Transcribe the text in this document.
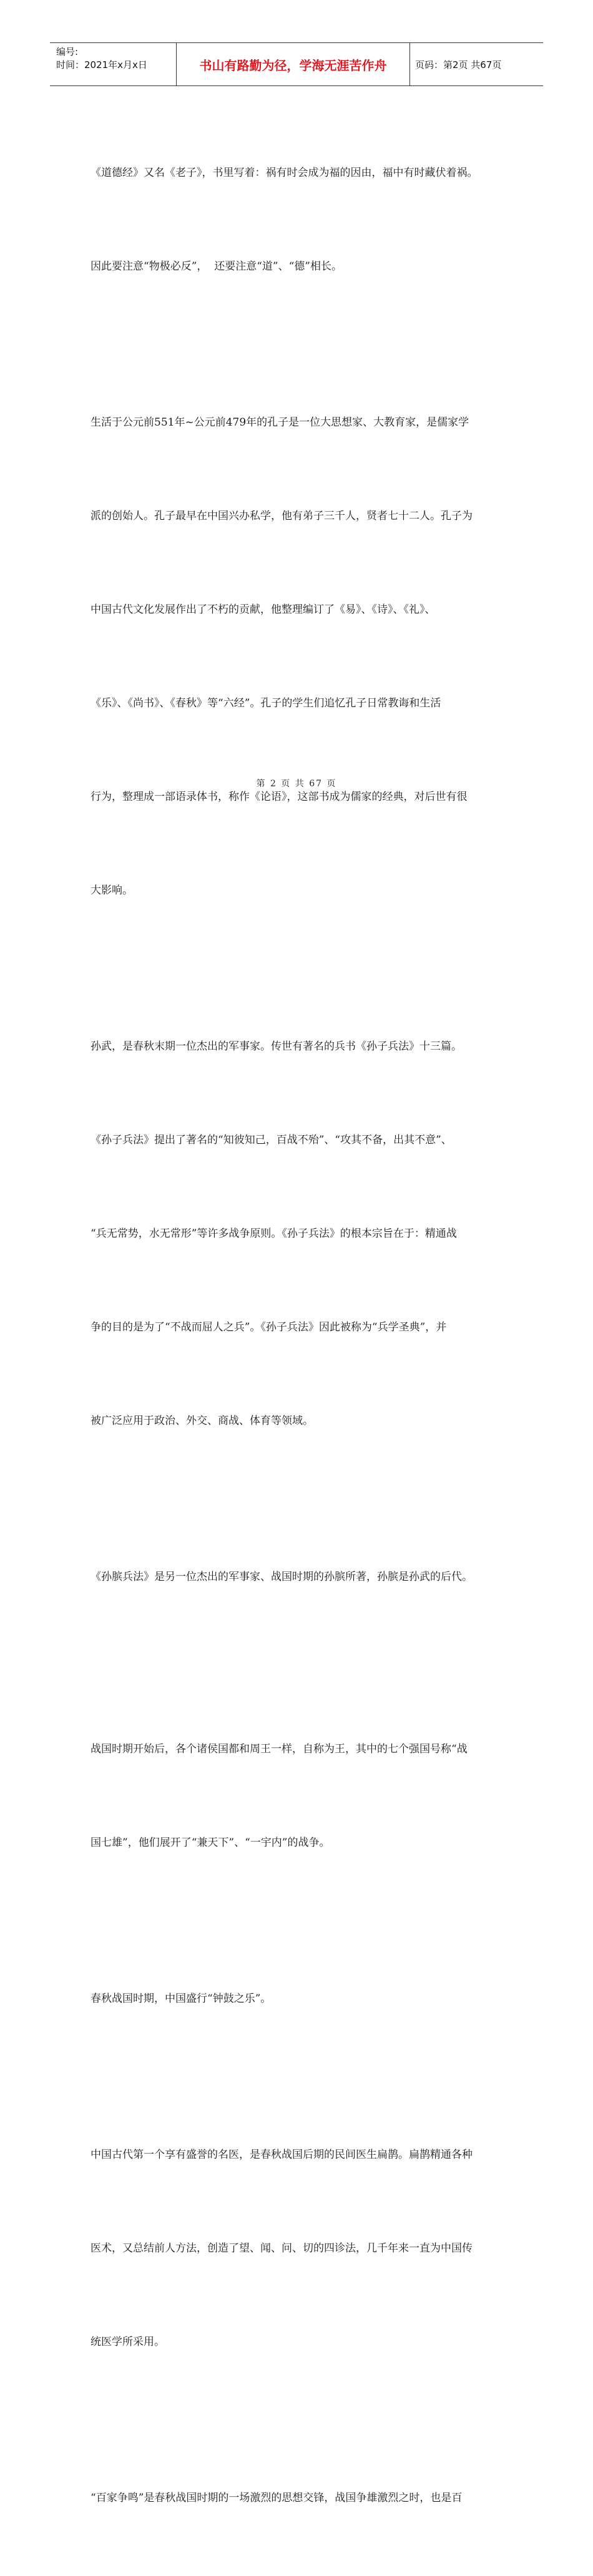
编号:
时间：2021年x月x日	书山有路勤为径，学海无涯苦作舟	页码：第2页 共67页

《道德经》又名《老子》，书里写着：祸有时会成为福的因由，福中有时藏伏着祸。

因此要注意“物极必反”，  还要注意“道”、“德”相长。

生活于公元前551年~公元前479年的孔子是一位大思想家、大教育家，是儒家学

派的创始人。孔子最早在中国兴办私学，他有弟子三千人，贤者七十二人。孔子为

中国古代文化发展作出了不朽的贡献，他整理编订了《易》、《诗》、《礼》、

《乐》、《尚书》、《春秋》等“六经”。孔子的学生们追忆孔子日常教诲和生活

行为，整理成一部语录体书，称作《论语》，这部书成为儒家的经典，对后世有很

大影响。

孙武，是春秋末期一位杰出的军事家。传世有著名的兵书《孙子兵法》十三篇。

《孙子兵法》提出了著名的“知彼知己，百战不殆”、“攻其不备，出其不意”、

“兵无常势，水无常形”等许多战争原则。《孙子兵法》的根本宗旨在于：精通战

争的目的是为了“不战而屈人之兵”。《孙子兵法》因此被称为“兵学圣典”，并

被广泛应用于政治、外交、商战、体育等领域。

《孙膑兵法》是另一位杰出的军事家、战国时期的孙膑所著，孙膑是孙武的后代。

战国时期开始后，各个诸侯国都和周王一样，自称为王，其中的七个强国号称“战

国七雄”，他们展开了“兼天下”、“一宇内”的战争。

春秋战国时期，中国盛行“钟鼓之乐”。

中国古代第一个享有盛誉的名医，是春秋战国后期的民间医生扁鹊。扁鹊精通各种

医术，又总结前人方法，创造了望、闻、问、切的四诊法，几千年来一直为中国传

统医学所采用。

“百家争鸣”是春秋战国时期的一场激烈的思想交锋，战国争雄激烈之时，也是百

第 2 页 共 67 页
